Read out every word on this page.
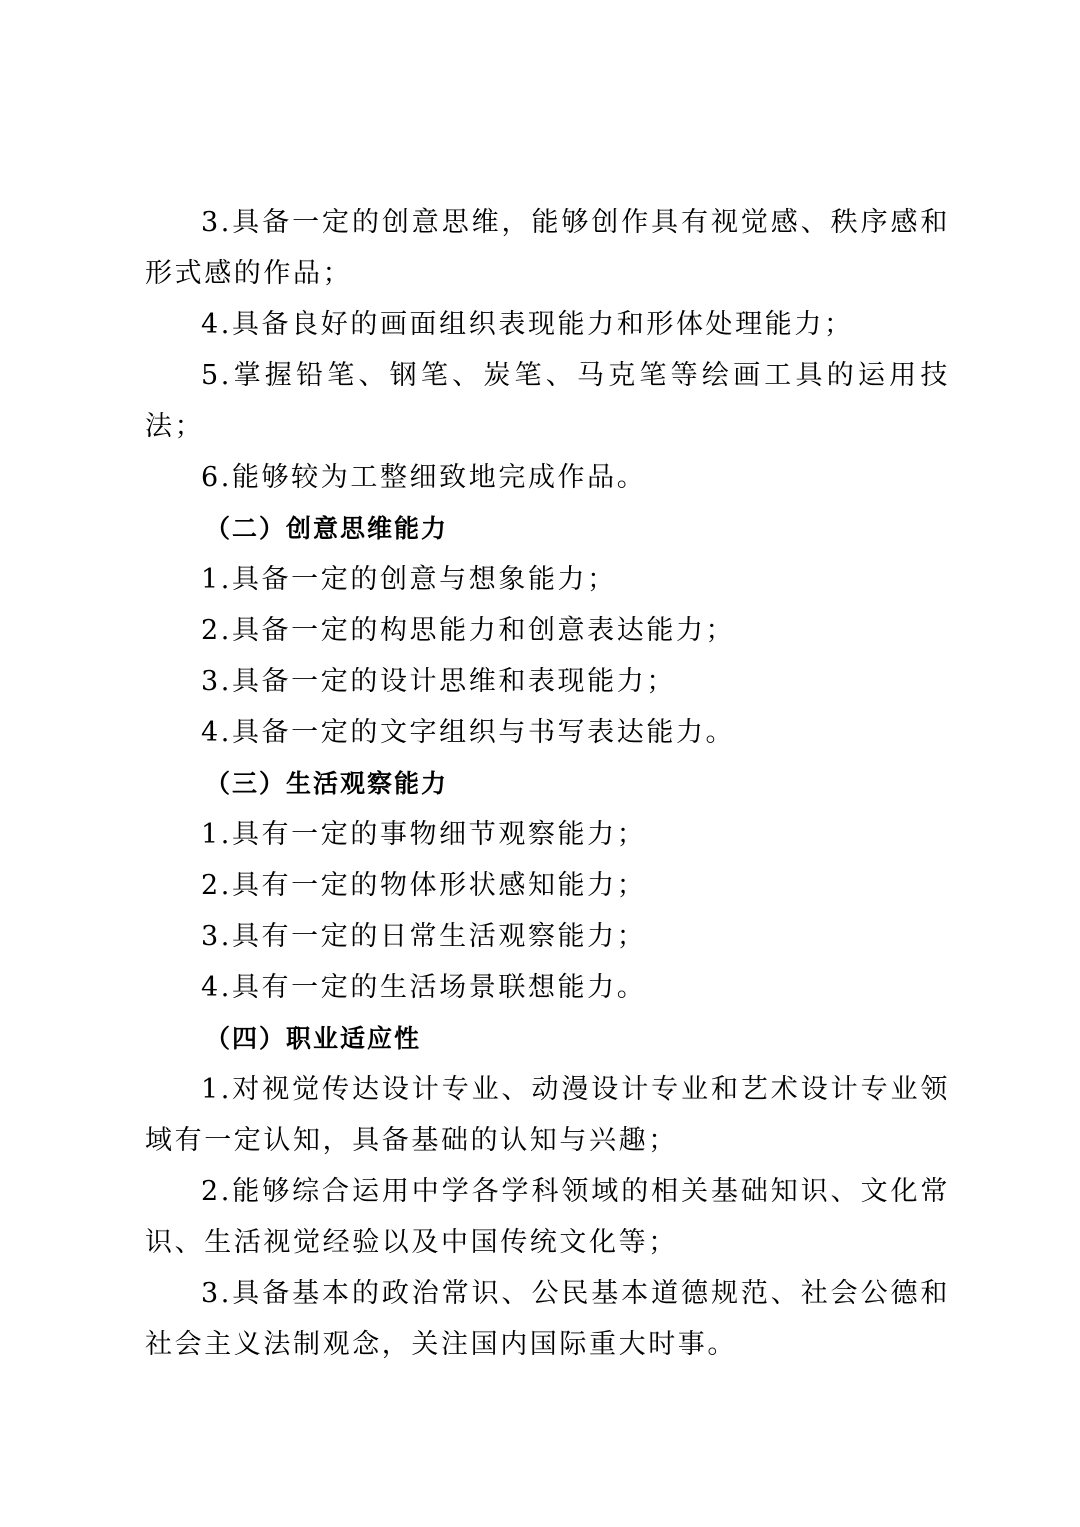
3.具备一定的创意思维，能够创作具有视觉感、秩序感和形式感的作品；

4.具备良好的画面组织表现能力和形体处理能力；

5.掌握铅笔、钢笔、炭笔、马克笔等绘画工具的运用技法；

6.能够较为工整细致地完成作品。

（二）创意思维能力

1.具备一定的创意与想象能力；

2.具备一定的构思能力和创意表达能力；

3.具备一定的设计思维和表现能力；

4.具备一定的文字组织与书写表达能力。

（三）生活观察能力

1.具有一定的事物细节观察能力；

2.具有一定的物体形状感知能力；

3.具有一定的日常生活观察能力；

4.具有一定的生活场景联想能力。

（四）职业适应性

1.对视觉传达设计专业、动漫设计专业和艺术设计专业领域有一定认知，具备基础的认知与兴趣；

2.能够综合运用中学各学科领域的相关基础知识、文化常识、生活视觉经验以及中国传统文化等；

3.具备基本的政治常识、公民基本道德规范、社会公德和社会主义法制观念，关注国内国际重大时事。
